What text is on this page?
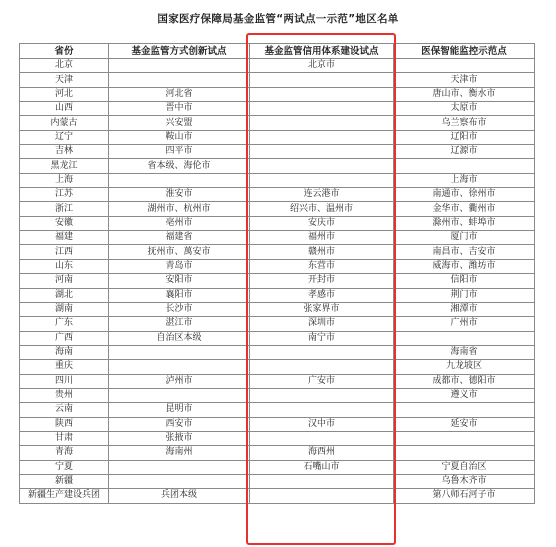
国家医疗保障局基金监管“两试点一示范”地区名单
省份	基金监管方式创新试点	基金监管信用体系建设试点	医保智能监控示范点
北京		北京市	
天津			天津市
河北	河北省		唐山市、衡水市
山西	晋中市		太原市
内蒙古	兴安盟		乌兰察布市
辽宁	鞍山市		辽阳市
吉林	四平市		辽源市
黑龙江	省本级、海伦市		
上海			上海市
江苏	淮安市	连云港市	南通市、徐州市
浙江	湖州市、杭州市	绍兴市、温州市	金华市、衢州市
安徽	亳州市	安庆市	滁州市、蚌埠市
福建	福建省	福州市	厦门市
江西	抚州市、萬安市	赣州市	南昌市、吉安市
山东	青岛市	东营市	威海市、潍坊市
河南	安阳市	开封市	信阳市
湖北	襄阳市	孝感市	荆门市
湖南	长沙市	张家界市	湘潭市
广东	湛江市	深圳市	广州市
广西	自治区本级	南宁市	
海南			海南省
重庆			九龙坡区
四川	泸州市	广安市	成都市、德阳市
贵州			遵义市
云南	昆明市		
陕西	西安市	汉中市	延安市
甘肃	张掖市		
青海	海南州	海西州	
宁夏		石嘴山市	宁夏自治区
新疆			乌鲁木齐市
新疆生产建设兵团	兵团本级		第八师石河子市
